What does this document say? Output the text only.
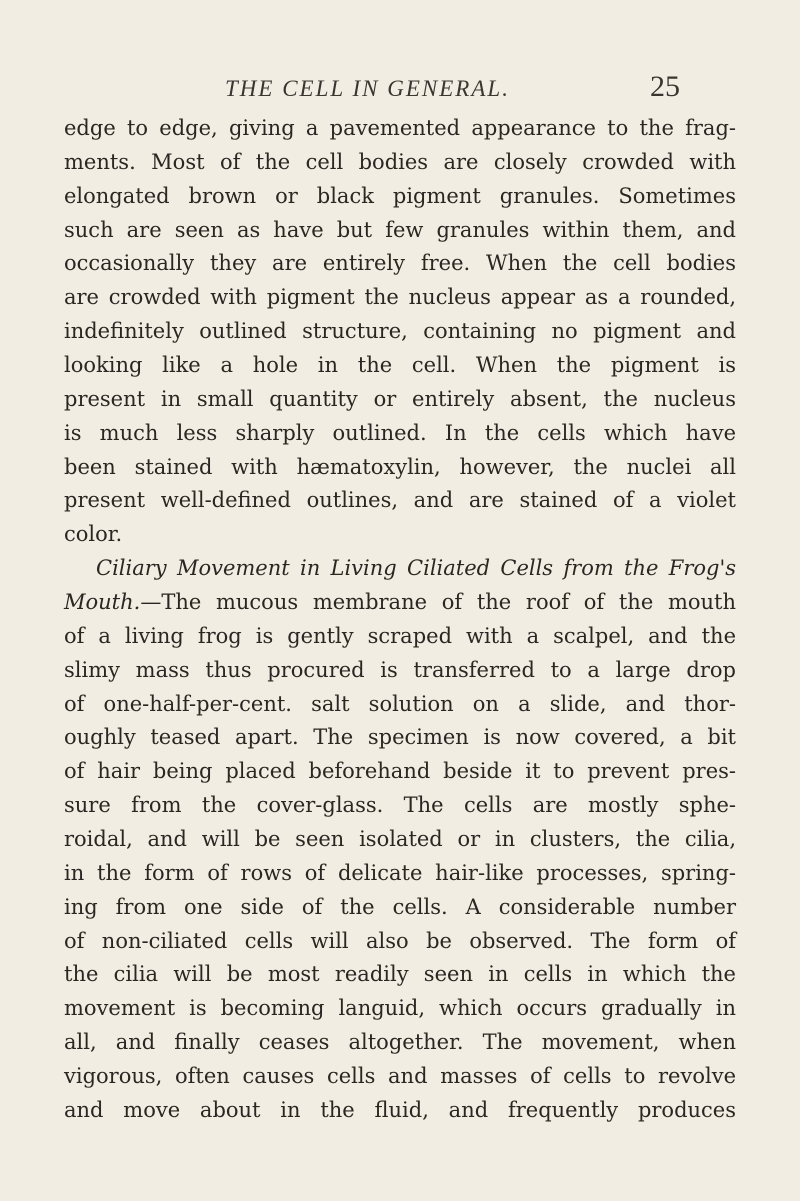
THE CELL IN GENERAL.	25
edge to edge, giving a pavemented appearance to the frag-
ments. Most of the cell bodies are closely crowded with
elongated brown or black pigment granules. Sometimes
such are seen as have but few granules within them, and
occasionally they are entirely free. When the cell bodies
are crowded with pigment the nucleus appear as a rounded,
indefinitely outlined structure, containing no pigment and
looking like a hole in the cell. When the pigment is
present in small quantity or entirely absent, the nucleus
is much less sharply outlined. In the cells which have
been stained with hæmatoxylin, however, the nuclei all
present well-defined outlines, and are stained of a violet
color.
Ciliary Movement in Living Ciliated Cells from the Frog's
Mouth.—The mucous membrane of the roof of the mouth
of a living frog is gently scraped with a scalpel, and the
slimy mass thus procured is transferred to a large drop
of one-half-per-cent. salt solution on a slide, and thor-
oughly teased apart. The specimen is now covered, a bit
of hair being placed beforehand beside it to prevent pres-
sure from the cover-glass. The cells are mostly sphe-
roidal, and will be seen isolated or in clusters, the cilia,
in the form of rows of delicate hair-like processes, spring-
ing from one side of the cells. A considerable number
of non-ciliated cells will also be observed. The form of
the cilia will be most readily seen in cells in which the
movement is becoming languid, which occurs gradually in
all, and finally ceases altogether. The movement, when
vigorous, often causes cells and masses of cells to revolve
and move about in the fluid, and frequently produces
